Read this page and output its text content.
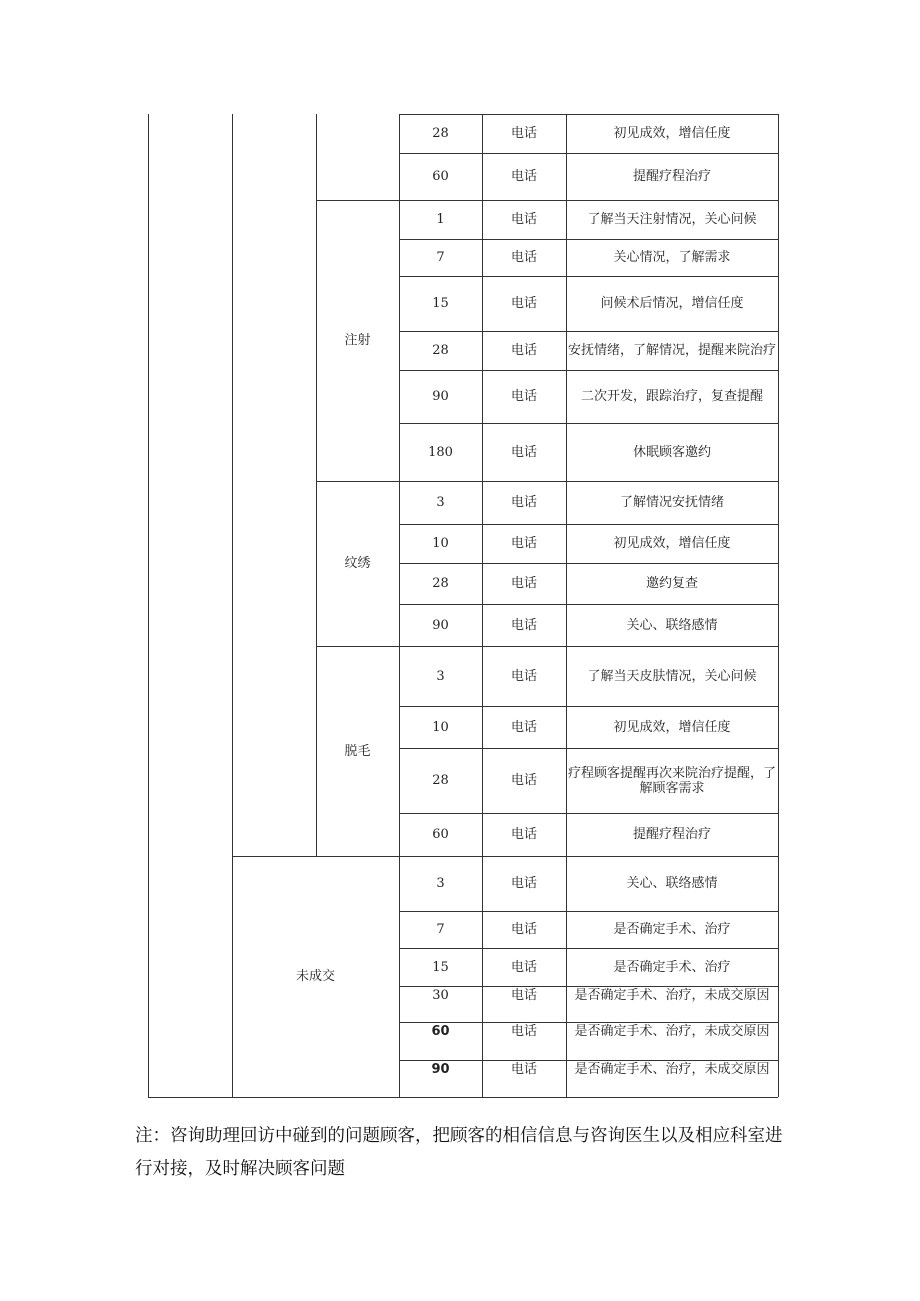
28	电话	初见成效，增信任度
60	电话	提醒疗程治疗
1	电话	了解当天注射情况，关心问候
7	电话	关心情况，了解需求
15	电话	问候术后情况，增信任度
28	电话	安抚情绪，了解情况，提醒来院治疗
90	电话	二次开发，跟踪治疗，复查提醒
180	电话	休眠顾客邀约
注射
3	电话	了解情况安抚情绪
10	电话	初见成效，增信任度
28	电话	邀约复查
90	电话	关心、联络感情
纹绣
3	电话	了解当天皮肤情况，关心问候
10	电话	初见成效，增信任度
28	电话	疗程顾客提醒再次来院治疗提醒，了解顾客需求
60	电话	提醒疗程治疗
脱毛
3	电话	关心、联络感情
7	电话	是否确定手术、治疗
15	电话	是否确定手术、治疗
30	电话	是否确定手术、治疗，未成交原因
60	电话	是否确定手术、治疗，未成交原因
90	电话	是否确定手术、治疗，未成交原因
未成交
注：咨询助理回访中碰到的问题顾客，把顾客的相信信息与咨询医生以及相应科室进行对接，及时解决顾客问题
